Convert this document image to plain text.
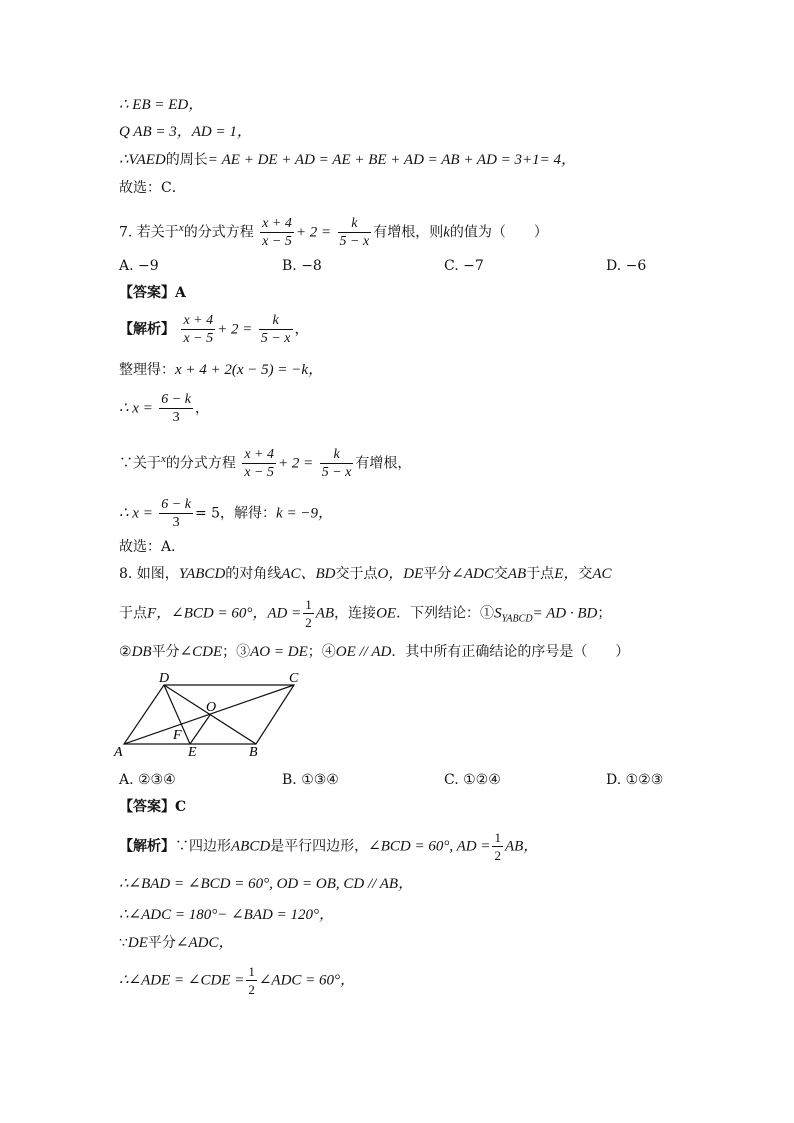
∴ EB = ED，
Q AB = 3，AD = 1，
∴VAED的周长= AE + DE + AD = AE + BE + AD = AB + AD = 3+1= 4，
故选：C．
7. 若关于$^x$的分式方程 $\frac{x + 4}{x - 5} + 2 = \frac{k}{5 - x}$ 有增根，则k的值为（　　）
A. −9	B. −8	C. −7	D. −6
【答案】A
【解析】 $\frac{x + 4}{x - 5} + 2 = \frac{k}{5 - x}$ ，
整理得：x + 4 + 2(x − 5) = −k，
∴ $x = \frac{6 - k}{3}$ ，
∵关于$^x$的分式方程 $\frac{x + 4}{x - 5} + 2 = \frac{k}{5 - x}$ 有增根，
∴ $x = \frac{6 - k}{3} = 5$，解得：k = −9，
故选：A．
8. 如图，YABCD的对角线AC、BD交于点O，DE平分∠ADC交AB于点E，交AC
于点F，∠BCD = 60°，AD = $\frac{1}{2}$ AB，连接OE．下列结论：$①S_{YABCD}=$ AD · BD；
②DB平分∠CDE；③AO = DE；④OE // AD．其中所有正确结论的序号是（　　）
A	B
C
D
E
F
O
A. ②③④	B. ①③④	C. ①②④	D. ①②③
【答案】C
【解析】∵四边形ABCD是平行四边形，∠BCD = 60°, AD = $\frac{1}{2}$ AB，
∴∠BAD = ∠BCD = 60°, OD = OB, CD // AB，
∴∠ADC = 180°− ∠BAD = 120°，
∵DE平分∠ADC，
∴∠ADE = ∠CDE = $\frac{1}{2}$ ∠ADC = 60°，
